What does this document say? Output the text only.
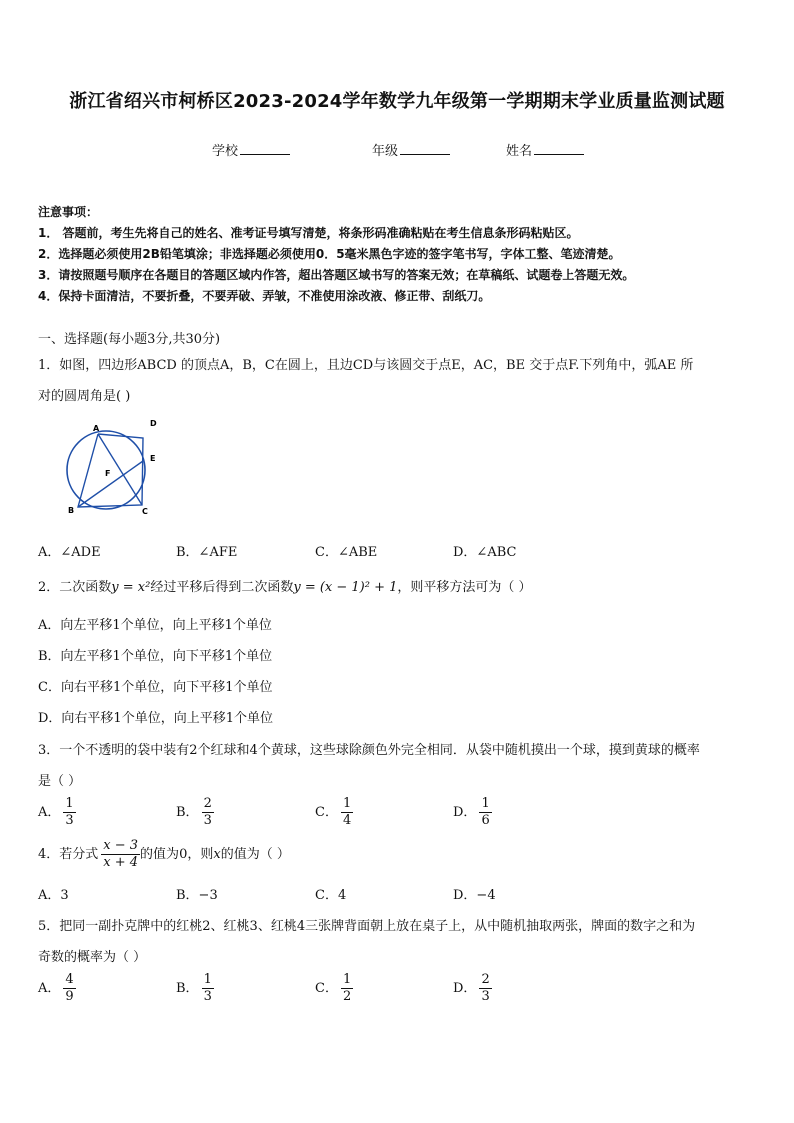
浙江省绍兴市柯桥区2023-2024学年数学九年级第一学期期末学业质量监测试题
学校	年级	姓名
注意事项：
1． 答题前，考生先将自己的姓名、准考证号填写清楚，将条形码准确粘贴在考生信息条形码粘贴区。
2．选择题必须使用2B铅笔填涂；非选择题必须使用0．5毫米黑色字迹的签字笔书写，字体工整、笔迹清楚。
3．请按照题号顺序在各题目的答题区域内作答，超出答题区域书写的答案无效；在草稿纸、试题卷上答题无效。
4．保持卡面清洁，不要折叠，不要弄破、弄皱，不准使用涂改液、修正带、刮纸刀。
一、选择题(每小题3分,共30分)
1．如图，四边形ABCD 的顶点A，B，C在圆上，且边CD与该圆交于点E，AC，BE 交于点F.下列角中，弧AE 所
对的圆周角是( )
A
D
E
F
B	C
A．∠ADE	B．∠AFE	C．∠ABE	D．∠ABC
2．二次函数y = x²经过平移后得到二次函数y = (x − 1)² + 1，则平移方法可为（ ）
A．向左平移1个单位，向上平移1个单位
B．向左平移1个单位，向下平移1个单位
C．向右平移1个单位，向下平移1个单位
D．向右平移1个单位，向上平移1个单位
3．一个不透明的袋中装有2个红球和4个黄球，这些球除颜色外完全相同．从袋中随机摸出一个球，摸到黄球的概率
是（ ）
A． $\frac{1}{3}$	B． $\frac{2}{3}$	C． $\frac{1}{4}$	D． $\frac{1}{6}$
4．若分式 $\frac{x - 3}{x + 4}$ 的值为0，则x的值为（ ）
A．3	B．−3	C．4	D．−4
5．把同一副扑克牌中的红桃2、红桃3、红桃4三张牌背面朝上放在桌子上，从中随机抽取两张，牌面的数字之和为
奇数的概率为（ ）
A． $\frac{4}{9}$	B． $\frac{1}{3}$	C． $\frac{1}{2}$	D． $\frac{2}{3}$
